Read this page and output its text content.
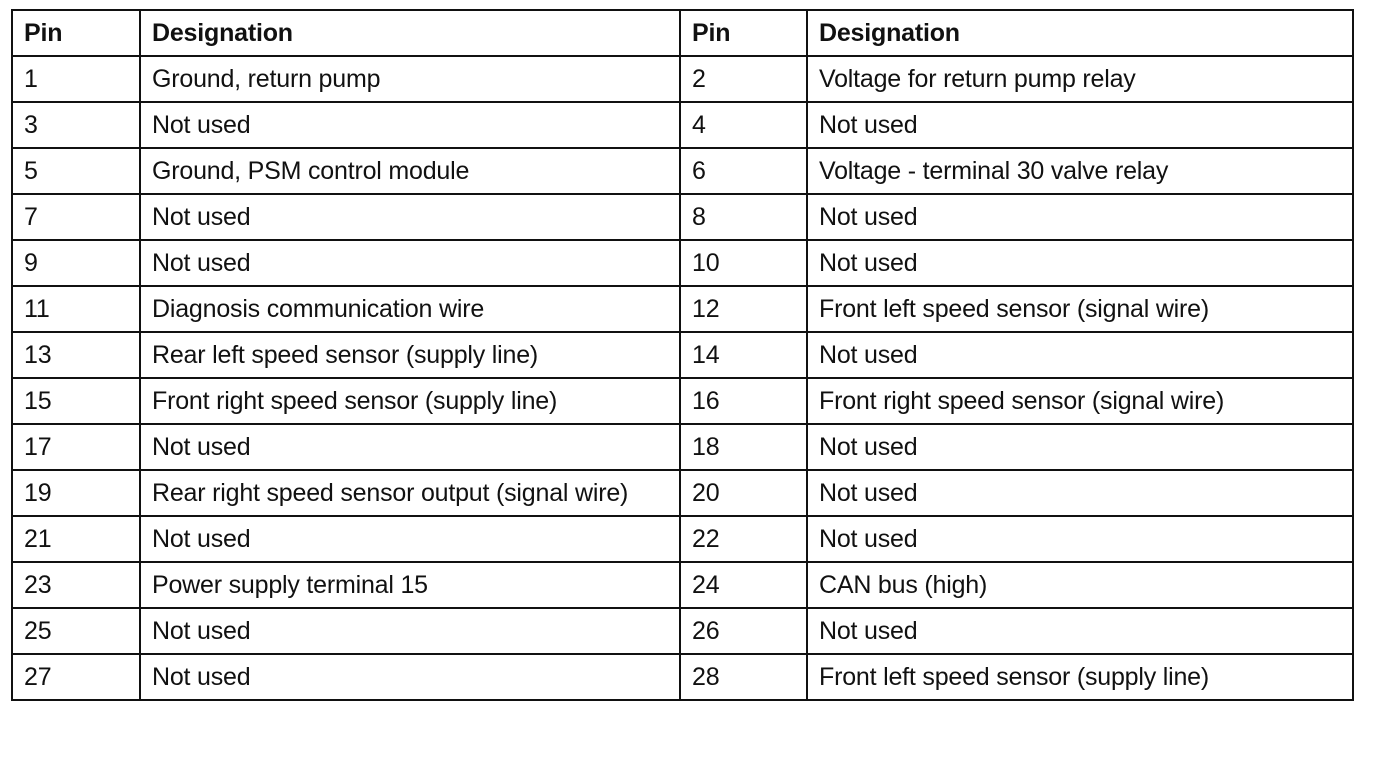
Pin	Designation	Pin	Designation
1	Ground, return pump	2	Voltage for return pump relay
3	Not used	4	Not used
5	Ground, PSM control module	6	Voltage - terminal 30 valve relay
7	Not used	8	Not used
9	Not used	10	Not used
11	Diagnosis communication wire	12	Front left speed sensor (signal wire)
13	Rear left speed sensor (supply line)	14	Not used
15	Front right speed sensor (supply line)	16	Front right speed sensor (signal wire)
17	Not used	18	Not used
19	Rear right speed sensor output (signal wire)	20	Not used
21	Not used	22	Not used
23	Power supply terminal 15	24	CAN bus (high)
25	Not used	26	Not used
27	Not used	28	Front left speed sensor (supply line)
